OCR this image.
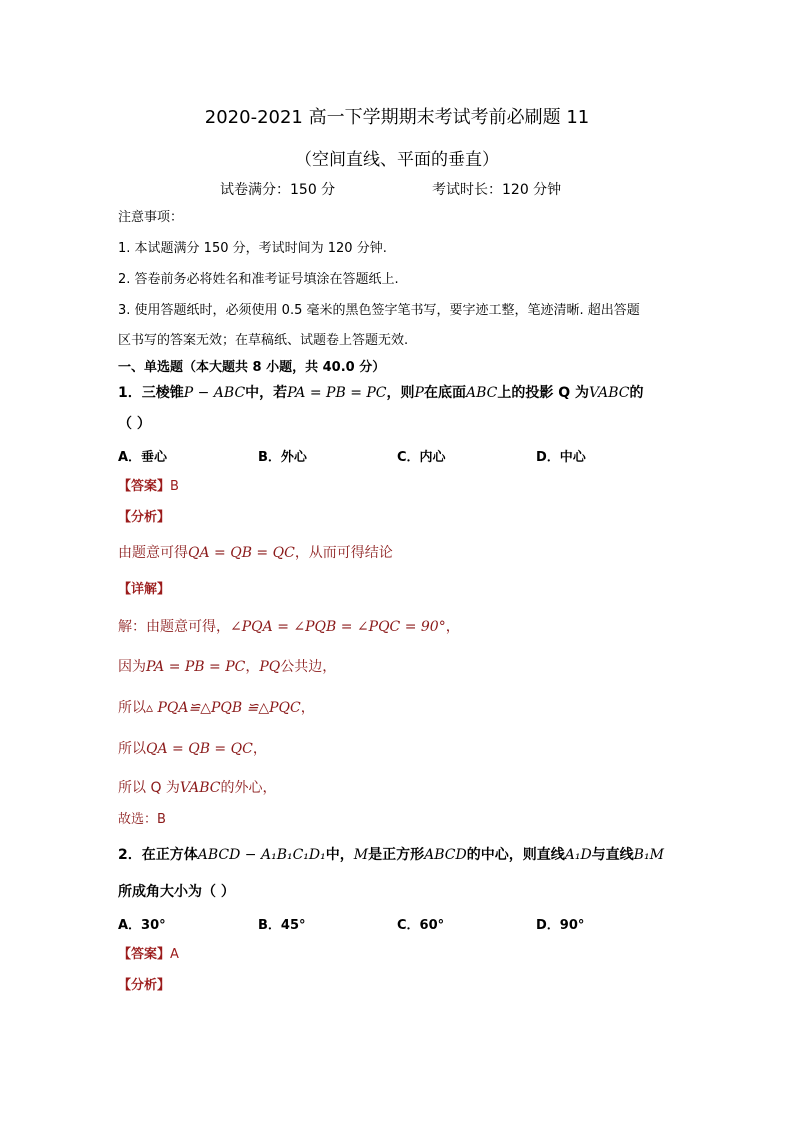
2020-2021 高一下学期期末考试考前必刷题 11
（空间直线、平面的垂直）
试卷满分：150 分	考试时长：120 分钟
注意事项：
1. 本试题满分 150 分，考试时间为 120 分钟.
2. 答卷前务必将姓名和准考证号填涂在答题纸上.
3. 使用答题纸时，必须使用 0.5 毫米的黑色签字笔书写，要字迹工整，笔迹清晰. 超出答题
区书写的答案无效；在草稿纸、试题卷上答题无效.
一、单选题（本大题共 8 小题，共 40.0 分）
1．三棱锥P − ABC中，若PA = PB = PC，则P在底面ABC上的投影 Q 为VABC的
（ ）
A．垂心	B．外心	C．内心	D．中心
【答案】B
【分析】
由题意可得QA = QB = QC，从而可得结论
【详解】
解：由题意可得，∠PQA = ∠PQB = ∠PQC = 90°，
因为PA = PB = PC，PQ公共边，
所以▵ PQA≌△PQB ≌△PQC，
所以QA = QB = QC，
所以 Q 为VABC的外心，
故选：B
2．在正方体ABCD − A₁B₁C₁D₁中，M是正方形ABCD的中心，则直线A₁D与直线B₁M
所成角大小为（ ）
A．30°	B．45°	C．60°	D．90°
【答案】A
【分析】
